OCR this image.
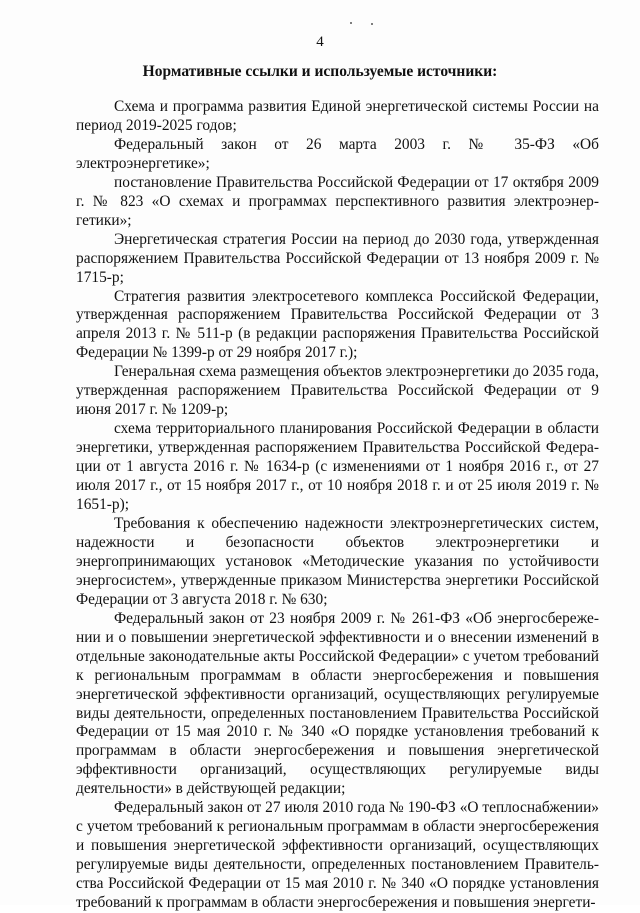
4
Нормативные ссылки и используемые источники:

Схема и программа развития Единой энергетической системы России на период 2019-2025 годов;

Федеральный закон от 26 марта 2003 г. № 35-ФЗ «Об электроэнергетике»;

постановление Правительства Российской Федерации от 17 октября 2009 г. № 823 «О схемах и программах перспективного развития электроэнергетики»;

Энергетическая стратегия России на период до 2030 года, утвержденная распоряжением Правительства Российской Федерации от 13 ноября 2009 г. № 1715-р;

Стратегия развития электросетевого комплекса Российской Федерации, утвержденная распоряжением Правительства Российской Федерации от 3 апреля 2013 г. № 511-р (в редакции распоряжения Правительства Российской Федерации № 1399-р от 29 ноября 2017 г.);

Генеральная схема размещения объектов электроэнергетики до 2035 года, утвержденная распоряжением Правительства Российской Федерации от 9 июня 2017 г. № 1209-р;

схема территориального планирования Российской Федерации в области энергетики, утвержденная распоряжением Правительства Российской Федерации от 1 августа 2016 г. № 1634-р (с изменениями от 1 ноября 2016 г., от 27 июля 2017 г., от 15 ноября 2017 г., от 10 ноября 2018 г. и от 25 июля 2019 г. № 1651-р);

Требования к обеспечению надежности электроэнергетических систем, надежности и безопасности объектов электроэнергетики и энергопринимающих установок «Методические указания по устойчивости энергосистем», утвержденные приказом Министерства энергетики Российской Федерации от 3 августа 2018 г. № 630;

Федеральный закон от 23 ноября 2009 г. № 261-ФЗ «Об энергосбережении и о повышении энергетической эффективности и о внесении изменений в отдельные законодательные акты Российской Федерации» с учетом требований к региональным программам в области энергосбережения и повышения энергетической эффективности организаций, осуществляющих регулируемые виды деятельности, определенных постановлением Правительства Российской Федерации от 15 мая 2010 г. № 340 «О порядке установления требований к программам в области энергосбережения и повышения энергетической эффективности организаций, осуществляющих регулируемые виды деятельности» в действующей редакции;

Федеральный закон от 27 июля 2010 года № 190-ФЗ «О теплоснабжении» с учетом требований к региональным программам в области энергосбережения и повышения энергетической эффективности организаций, осуществляющих регулируемые виды деятельности, определенных постановлением Правительства Российской Федерации от 15 мая 2010 г. № 340 «О порядке установления требований к программам в области энергосбережения и повышения энергети-
